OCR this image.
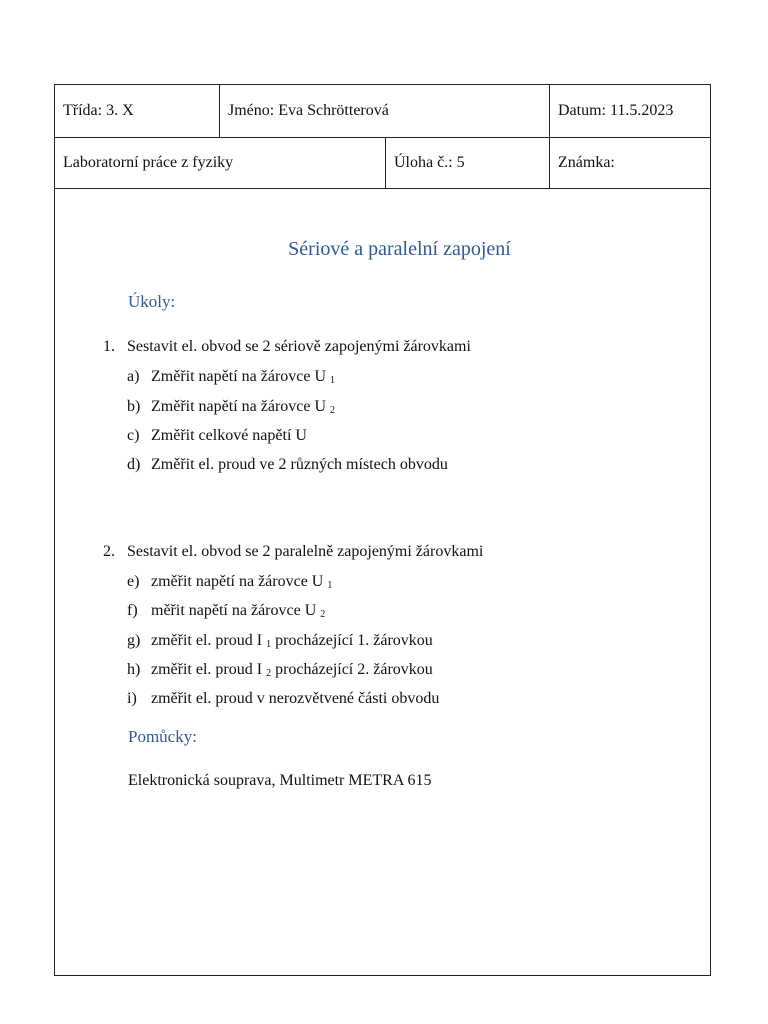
Třída: 3. X	Jméno: Eva Schrötterová	Datum: 11.5.2023
Laboratorní práce z fyziky	Úloha č.: 5	Známka:
Sériové a paralelní zapojení
Úkoly:
1. Sestavit el. obvod se 2 sériově zapojenými žárovkami
a) Změřit napětí na žárovce U $_1$
b) Změřit napětí na žárovce U $_2$
c) Změřit celkové napětí U
d) Změřit el. proud ve 2 různých místech obvodu
2. Sestavit el. obvod se 2 paralelně zapojenými žárovkami
e) změřit napětí na žárovce U $_1$
f) měřit napětí na žárovce U $_2$
g) změřit el. proud I $_1$ procházející 1. žárovkou
h) změřit el. proud I $_2$ procházející 2. žárovkou
i) změřit el. proud v nerozvětvené části obvodu
Pomůcky:
Elektronická souprava, Multimetr METRA 615
